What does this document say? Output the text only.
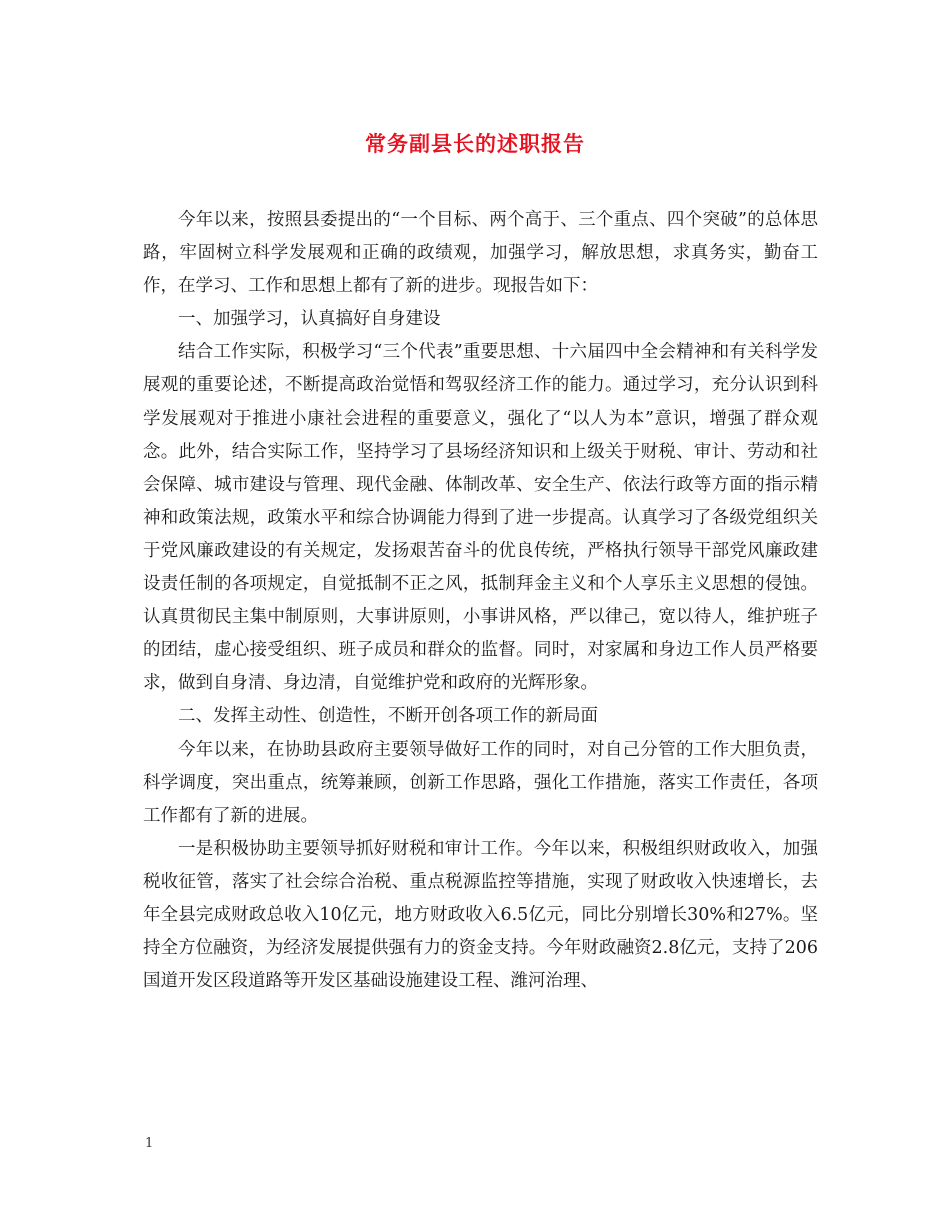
常务副县长的述职报告

今年以来，按照县委提出的“一个目标、两个高于、三个重点、四个突破”的总体思路，牢固树立科学发展观和正确的政绩观，加强学习，解放思想，求真务实，勤奋工作，在学习、工作和思想上都有了新的进步。现报告如下：

一、加强学习，认真搞好自身建设

结合工作实际，积极学习“三个代表”重要思想、十六届四中全会精神和有关科学发展观的重要论述，不断提高政治觉悟和驾驭经济工作的能力。通过学习，充分认识到科学发展观对于推进小康社会进程的重要意义，强化了“以人为本”意识，增强了群众观念。此外，结合实际工作，坚持学习了县场经济知识和上级关于财税、审计、劳动和社会保障、城市建设与管理、现代金融、体制改革、安全生产、依法行政等方面的指示精神和政策法规，政策水平和综合协调能力得到了进一步提高。认真学习了各级党组织关于党风廉政建设的有关规定，发扬艰苦奋斗的优良传统，严格执行领导干部党风廉政建设责任制的各项规定，自觉抵制不正之风，抵制拜金主义和个人享乐主义思想的侵蚀。认真贯彻民主集中制原则，大事讲原则，小事讲风格，严以律己，宽以待人，维护班子的团结，虚心接受组织、班子成员和群众的监督。同时，对家属和身边工作人员严格要求，做到自身清、身边清，自觉维护党和政府的光辉形象。

二、发挥主动性、创造性，不断开创各项工作的新局面

今年以来，在协助县政府主要领导做好工作的同时，对自己分管的工作大胆负责，科学调度，突出重点，统筹兼顾，创新工作思路，强化工作措施，落实工作责任，各项工作都有了新的进展。

一是积极协助主要领导抓好财税和审计工作。今年以来，积极组织财政收入，加强税收征管，落实了社会综合治税、重点税源监控等措施，实现了财政收入快速增长，去年全县完成财政总收入10亿元，地方财政收入6.5亿元，同比分别增长30%和27%。坚持全方位融资，为经济发展提供强有力的资金支持。今年财政融资2.8亿元，支持了206国道开发区段道路等开发区基础设施建设工程、潍河治理、

1
